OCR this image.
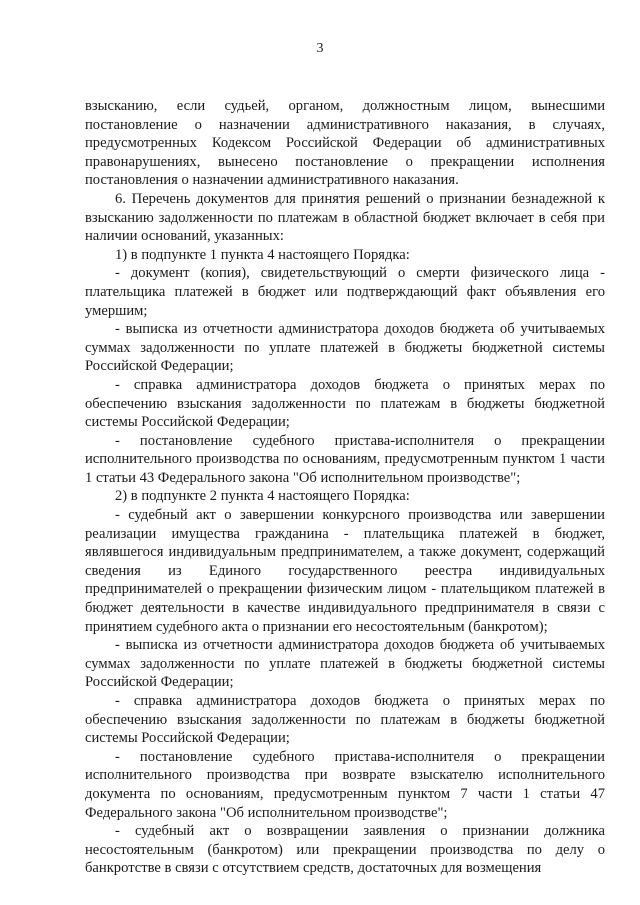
3

взысканию, если судьей, органом, должностным лицом, вынесшими постановление о назначении административного наказания, в случаях, предусмотренных Кодексом Российской Федерации об административных правонарушениях, вынесено постановление о прекращении исполнения постановления о назначении административного наказания.

6. Перечень документов для принятия решений о признании безнадежной к взысканию задолженности по платежам в областной бюджет включает в себя при наличии оснований, указанных:

1) в подпункте 1 пункта 4 настоящего Порядка:

- документ (копия), свидетельствующий о смерти физического лица - плательщика платежей в бюджет или подтверждающий факт объявления его умершим;

- выписка из отчетности администратора доходов бюджета об учитываемых суммах задолженности по уплате платежей в бюджеты бюджетной системы Российской Федерации;

- справка администратора доходов бюджета о принятых мерах по обеспечению взыскания задолженности по платежам в бюджеты бюджетной системы Российской Федерации;

- постановление судебного пристава-исполнителя о прекращении исполнительного производства по основаниям, предусмотренным пунктом 1 части 1 статьи 43 Федерального закона "Об исполнительном производстве";

2) в подпункте 2 пункта 4 настоящего Порядка:

- судебный акт о завершении конкурсного производства или завершении реализации имущества гражданина - плательщика платежей в бюджет, являвшегося индивидуальным предпринимателем, а также документ, содержащий сведения из Единого государственного реестра индивидуальных предпринимателей о прекращении физическим лицом - плательщиком платежей в бюджет деятельности в качестве индивидуального предпринимателя в связи с принятием судебного акта о признании его несостоятельным (банкротом);

- выписка из отчетности администратора доходов бюджета об учитываемых суммах задолженности по уплате платежей в бюджеты бюджетной системы Российской Федерации;

- справка администратора доходов бюджета о принятых мерах по обеспечению взыскания задолженности по платежам в бюджеты бюджетной системы Российской Федерации;

- постановление судебного пристава-исполнителя о прекращении исполнительного производства при возврате взыскателю исполнительного документа по основаниям, предусмотренным пунктом 7 части 1 статьи 47 Федерального закона "Об исполнительном производстве";

- судебный акт о возвращении заявления о признании должника несостоятельным (банкротом) или прекращении производства по делу о банкротстве в связи с отсутствием средств, достаточных для возмещения
